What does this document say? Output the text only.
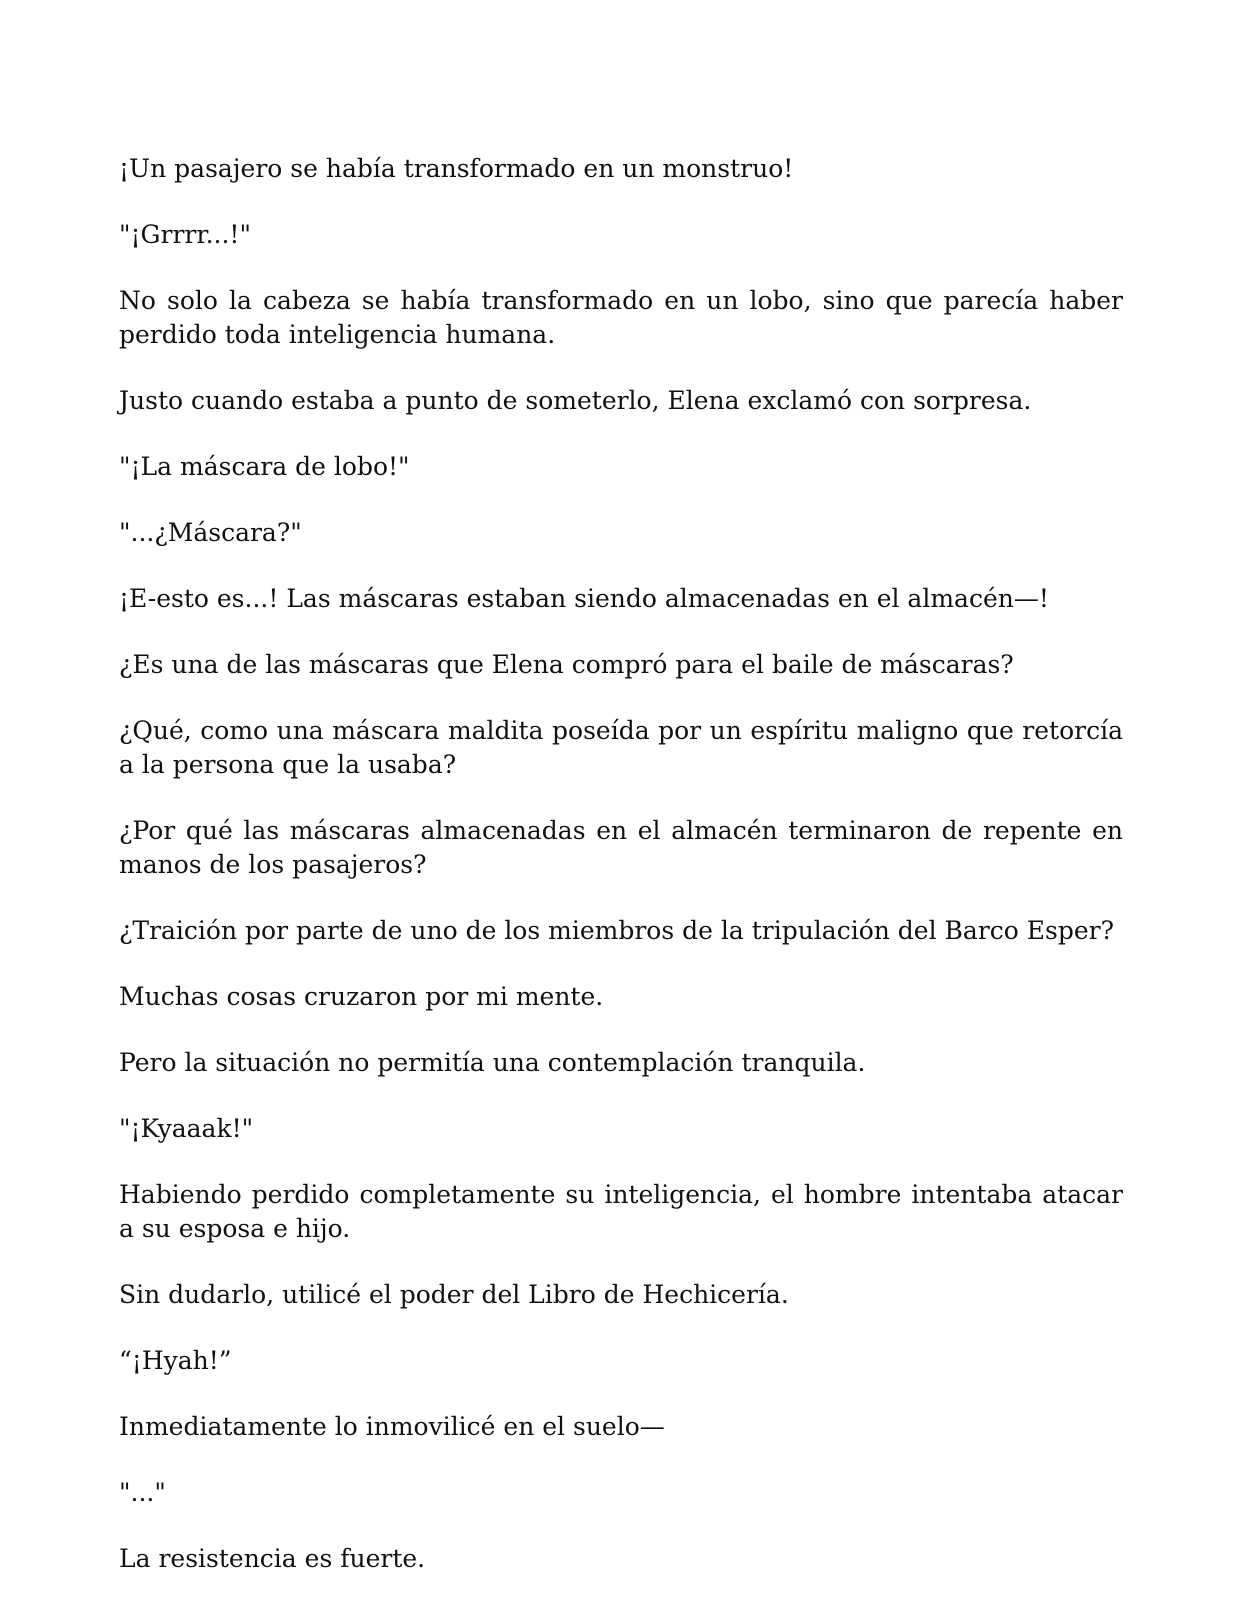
¡Un pasajero se había transformado en un monstruo!

"¡Grrrr...!"

No solo la cabeza se había transformado en un lobo, sino que parecía haber perdido toda inteligencia humana.

Justo cuando estaba a punto de someterlo, Elena exclamó con sorpresa.

"¡La máscara de lobo!"

"...¿Máscara?"

¡E-esto es...! Las máscaras estaban siendo almacenadas en el almacén—!

¿Es una de las máscaras que Elena compró para el baile de máscaras?

¿Qué, como una máscara maldita poseída por un espíritu maligno que retorcía a la persona que la usaba?

¿Por qué las máscaras almacenadas en el almacén terminaron de repente en manos de los pasajeros?

¿Traición por parte de uno de los miembros de la tripulación del Barco Esper?

Muchas cosas cruzaron por mi mente.

Pero la situación no permitía una contemplación tranquila.

"¡Kyaaak!"

Habiendo perdido completamente su inteligencia, el hombre intentaba atacar a su esposa e hijo.

Sin dudarlo, utilicé el poder del Libro de Hechicería.

“¡Hyah!”

Inmediatamente lo inmovilicé en el suelo—

"..."

La resistencia es fuerte.
